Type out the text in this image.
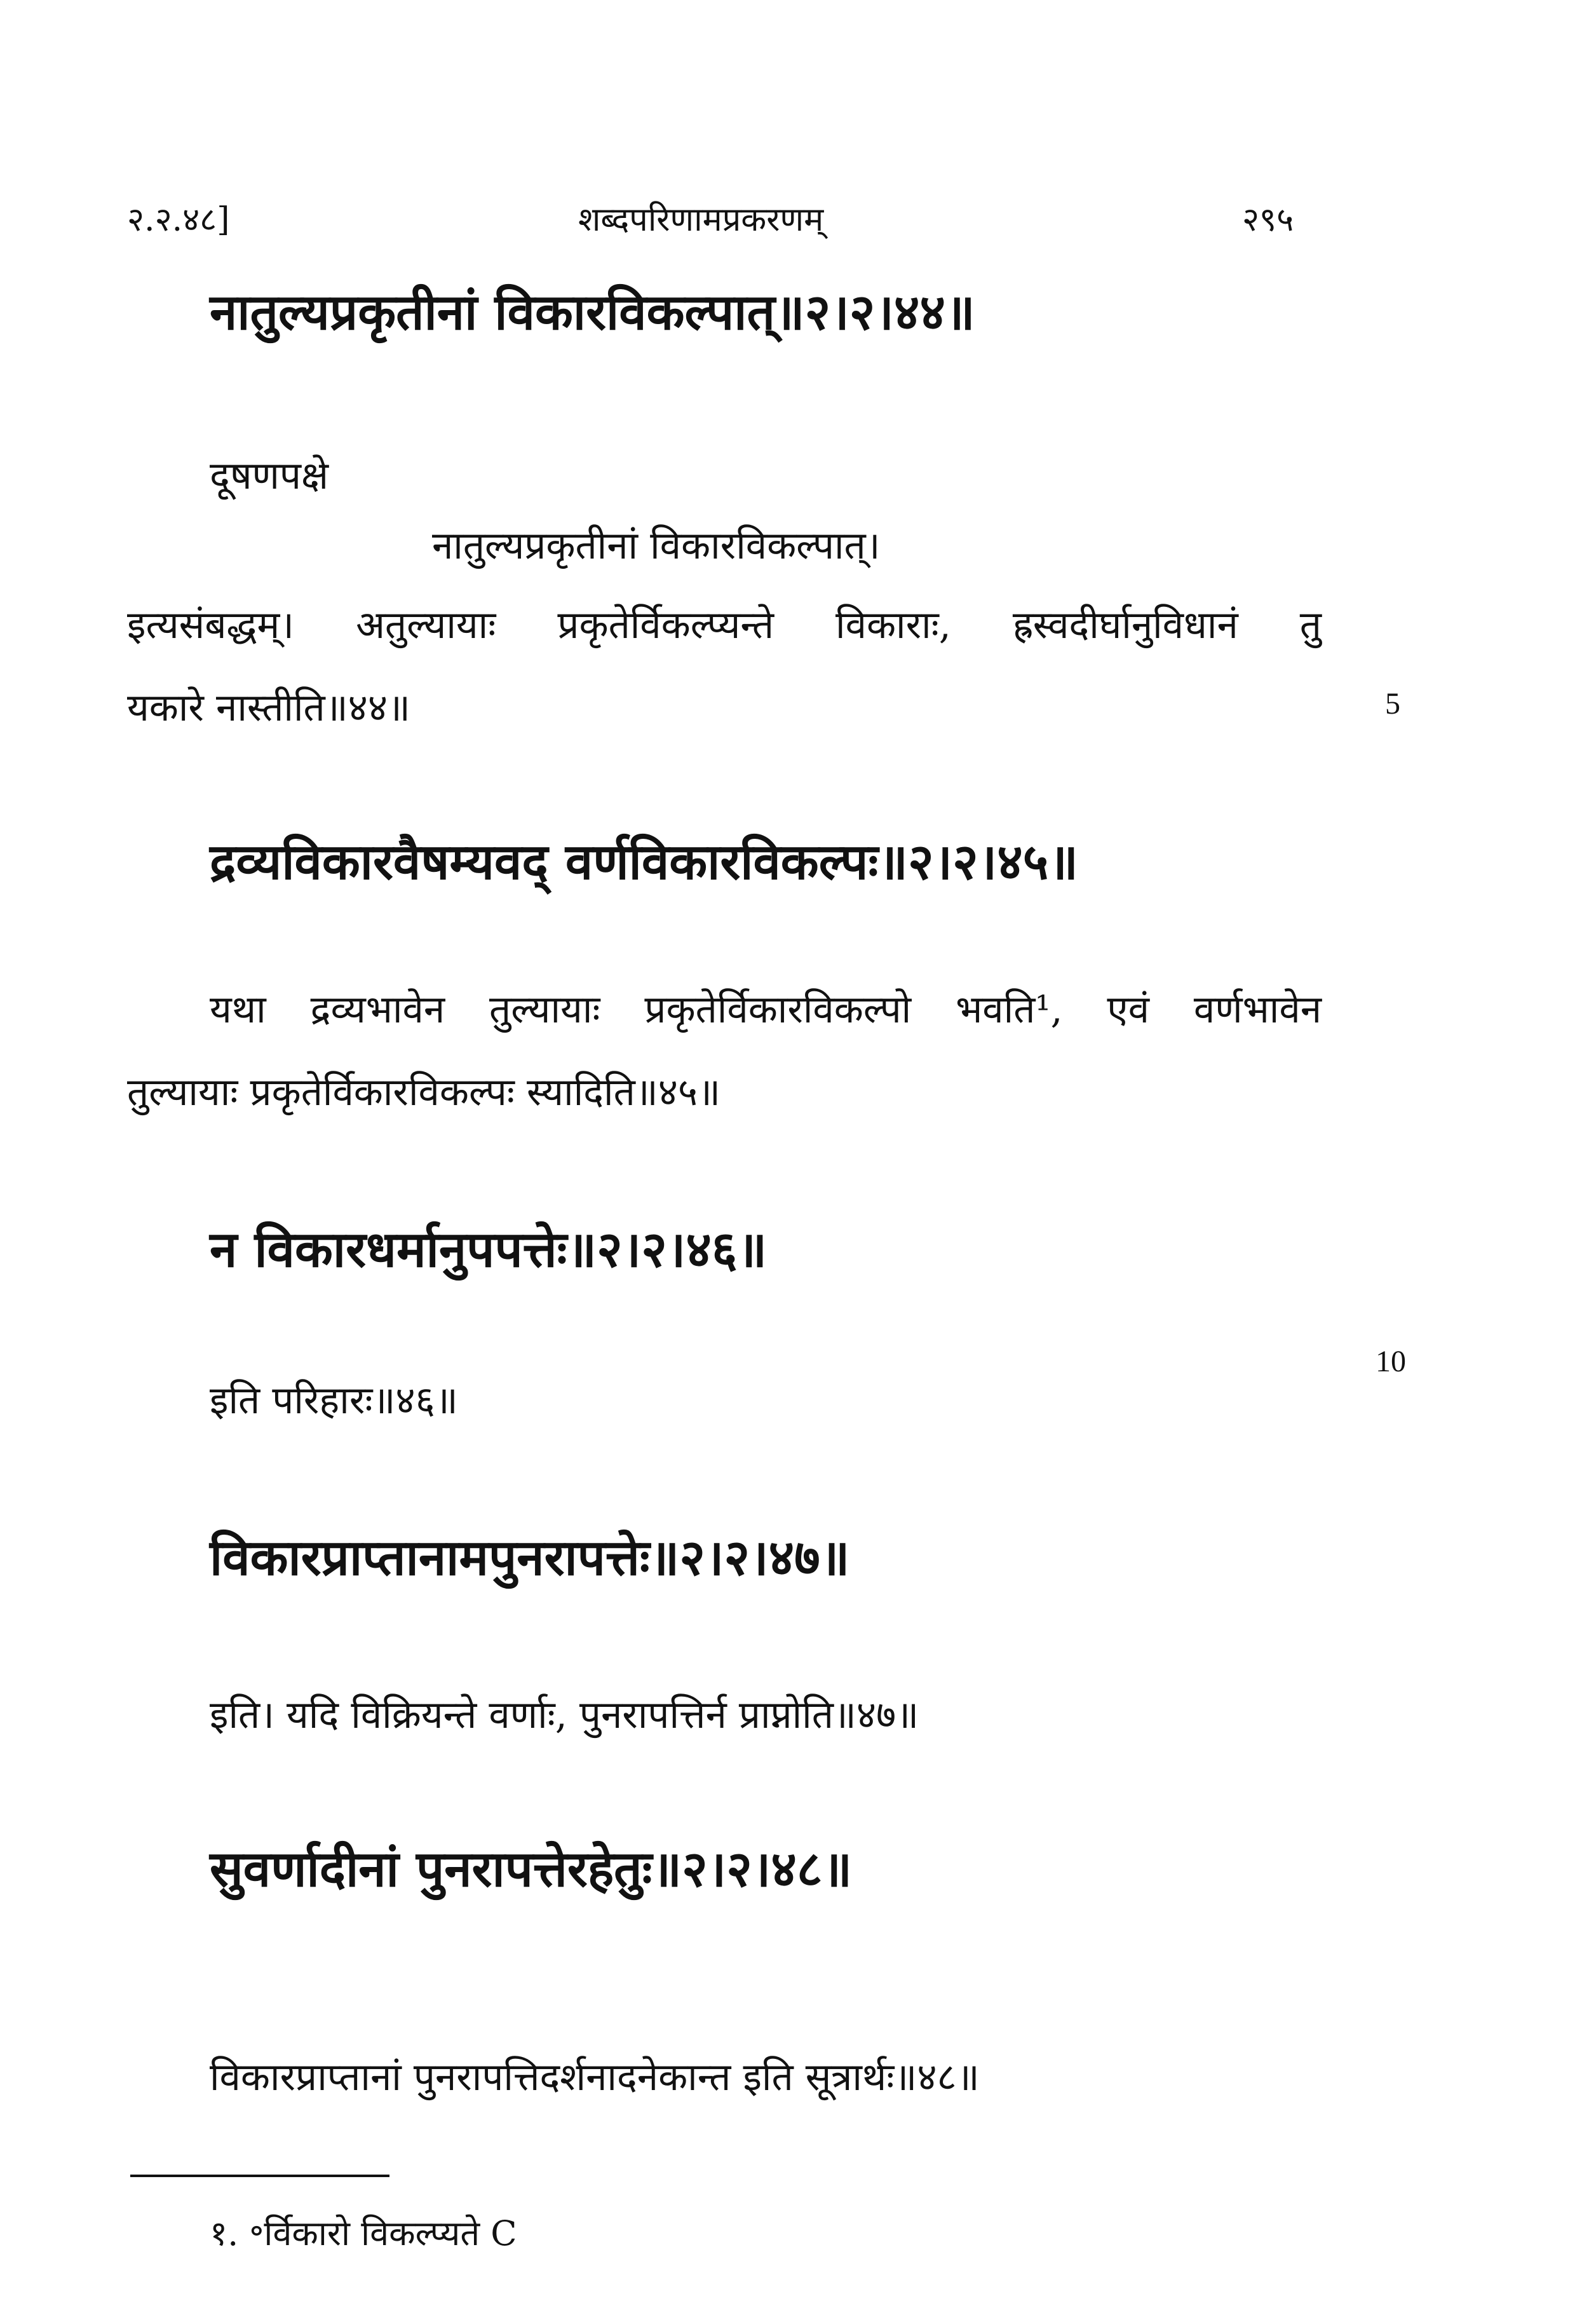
२.२.४८]	शब्दपरिणामप्रकरणम्	२९५
नातुल्यप्रकृतीनां विकारविकल्पात्॥२।२।४४॥
दूषणपक्षे
नातुल्यप्रकृतीनां विकारविकल्पात्।
इत्यसंबद्धम्। अतुल्यायाः प्रकृतेर्विकल्प्यन्ते विकाराः, ह्रस्वदीर्घानुविधानं तु
यकारे नास्तीति॥४४॥	5
द्रव्यविकारवैषम्यवद् वर्णविकारविकल्पः॥२।२।४५॥
यथा द्रव्यभावेन तुल्यायाः प्रकृतेर्विकारविकल्पो भवति¹, एवं वर्णभावेन
तुल्यायाः प्रकृतेर्विकारविकल्पः स्यादिति॥४५॥
न विकारधर्मानुपपत्तेः॥२।२।४६॥
10
इति परिहारः॥४६॥
विकारप्राप्तानामपुनरापत्तेः॥२।२।४७॥
इति। यदि विक्रियन्ते वर्णाः, पुनरापत्तिर्न प्राप्नोति॥४७॥
सुवर्णादीनां पुनरापत्तेरहेतुः॥२।२।४८॥
विकारप्राप्तानां पुनरापत्तिदर्शनादनेकान्त इति सूत्रार्थः॥४८॥
१. ॰र्विकारो विकल्प्यते C
